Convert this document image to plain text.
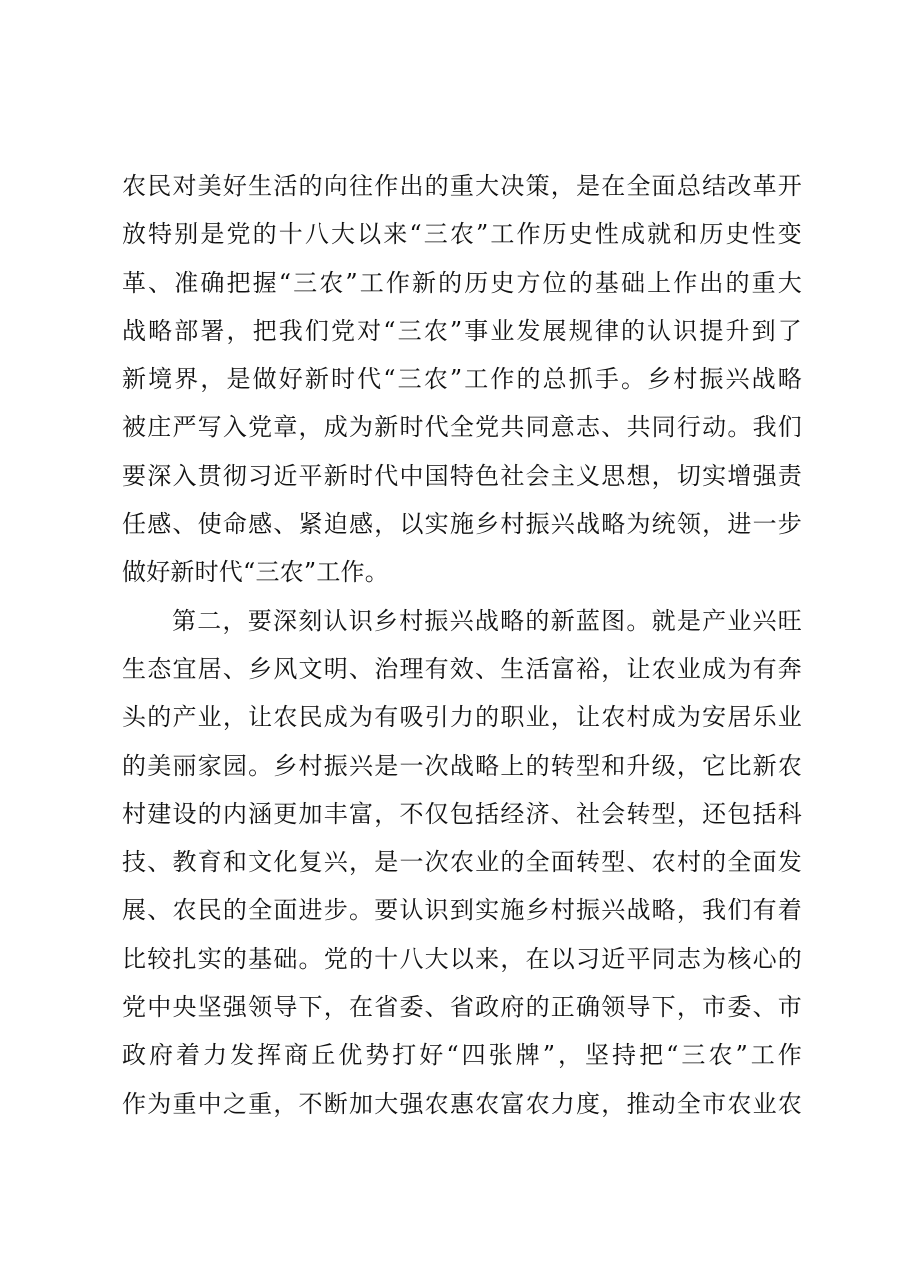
农民对美好生活的向往作出的重大决策，是在全面总结改革开
放特别是党的十八大以来“三农”工作历史性成就和历史性变
革、准确把握“三农”工作新的历史方位的基础上作出的重大
战略部署，把我们党对“三农”事业发展规律的认识提升到了
新境界，是做好新时代“三农”工作的总抓手。乡村振兴战略
被庄严写入党章，成为新时代全党共同意志、共同行动。我们
要深入贯彻习近平新时代中国特色社会主义思想，切实增强责
任感、使命感、紧迫感，以实施乡村振兴战略为统领，进一步
做好新时代“三农”工作。
第二，要深刻认识乡村振兴战略的新蓝图。就是产业兴旺
生态宜居、乡风文明、治理有效、生活富裕，让农业成为有奔
头的产业，让农民成为有吸引力的职业，让农村成为安居乐业
的美丽家园。乡村振兴是一次战略上的转型和升级，它比新农
村建设的内涵更加丰富，不仅包括经济、社会转型，还包括科
技、教育和文化复兴，是一次农业的全面转型、农村的全面发
展、农民的全面进步。要认识到实施乡村振兴战略，我们有着
比较扎实的基础。党的十八大以来，在以习近平同志为核心的
党中央坚强领导下，在省委、省政府的正确领导下，市委、市
政府着力发挥商丘优势打好“四张牌”，坚持把“三农”工作
作为重中之重，不断加大强农惠农富农力度，推动全市农业农
